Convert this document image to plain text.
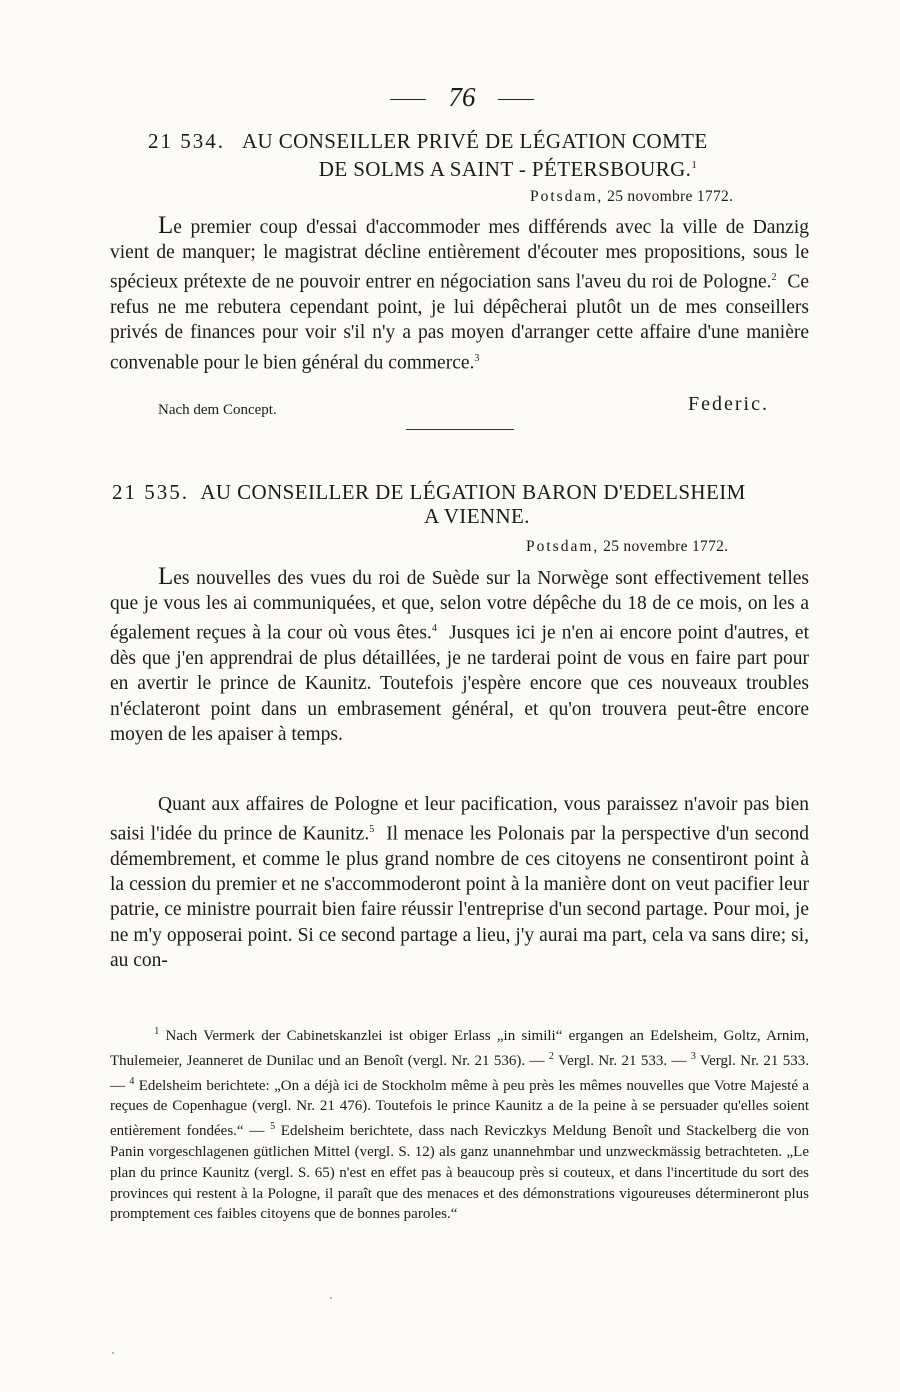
76
21 534. AU CONSEILLER PRIVÉ DE LÉGATION COMTE
DE SOLMS A SAINT - PÉTERSBOURG.$^1$
Potsdam, 25 novombre 1772.
Le premier coup d'essai d'accommoder mes différends avec la ville de Danzig vient de manquer; le magistrat décline entièrement d'écouter mes propositions, sous le spécieux prétexte de ne pouvoir entrer en négociation sans l'aveu du roi de Pologne.$^2$ Ce refus ne me rebutera cependant point, je lui dépêcherai plutôt un de mes conseillers privés de finances pour voir s'il n'y a pas moyen d'arranger cette affaire d'une manière convenable pour le bien général du commerce.$^3$
Nach dem Concept.	Federic.
21 535. AU CONSEILLER DE LÉGATION BARON D'EDELSHEIM
A VIENNE.
Potsdam, 25 novembre 1772.
Les nouvelles des vues du roi de Suède sur la Norwège sont effectivement telles que je vous les ai communiquées, et que, selon votre dépêche du 18 de ce mois, on les a également reçues à la cour où vous êtes.$^4$ Jusques ici je n'en ai encore point d'autres, et dès que j'en apprendrai de plus détaillées, je ne tarderai point de vous en faire part pour en avertir le prince de Kaunitz. Toutefois j'espère encore que ces nouveaux troubles n'éclateront point dans un embrasement général, et qu'on trouvera peut-être encore moyen de les apaiser à temps.
Quant aux affaires de Pologne et leur pacification, vous paraissez n'avoir pas bien saisi l'idée du prince de Kaunitz.$^5$ Il menace les Polonais par la perspective d'un second démembrement, et comme le plus grand nombre de ces citoyens ne consentiront point à la cession du premier et ne s'accommoderont point à la manière dont on veut pacifier leur patrie, ce ministre pourrait bien faire réussir l'entreprise d'un second partage. Pour moi, je ne m'y opposerai point. Si ce second partage a lieu, j'y aurai ma part, cela va sans dire; si, au con-
$^1$ Nach Vermerk der Cabinetskanzlei ist obiger Erlass „in simili“ ergangen an Edelsheim, Goltz, Arnim, Thulemeier, Jeanneret de Dunilac und an Benoît (vergl. Nr. 21 536). — $^2$ Vergl. Nr. 21 533. — $^3$ Vergl. Nr. 21 533. — $^4$ Edelsheim berichtete: „On a déjà ici de Stockholm même à peu près les mêmes nouvelles que Votre Majesté a reçues de Copenhague (vergl. Nr. 21 476). Toutefois le prince Kaunitz a de la peine à se persuader qu'elles soient entièrement fondées.“ — $^5$ Edelsheim berichtete, dass nach Reviczkys Meldung Benoît und Stackelberg die von Panin vorgeschlagenen gütlichen Mittel (vergl. S. 12) als ganz unannehmbar und unzweckmässig betrachteten. „Le plan du prince Kaunitz (vergl. S. 65) n'est en effet pas à beaucoup près si couteux, et dans l'incertitude du sort des provinces qui restent à la Pologne, il paraît que des menaces et des démonstrations vigoureuses détermineront plus promptement ces faibles citoyens que de bonnes paroles.“
